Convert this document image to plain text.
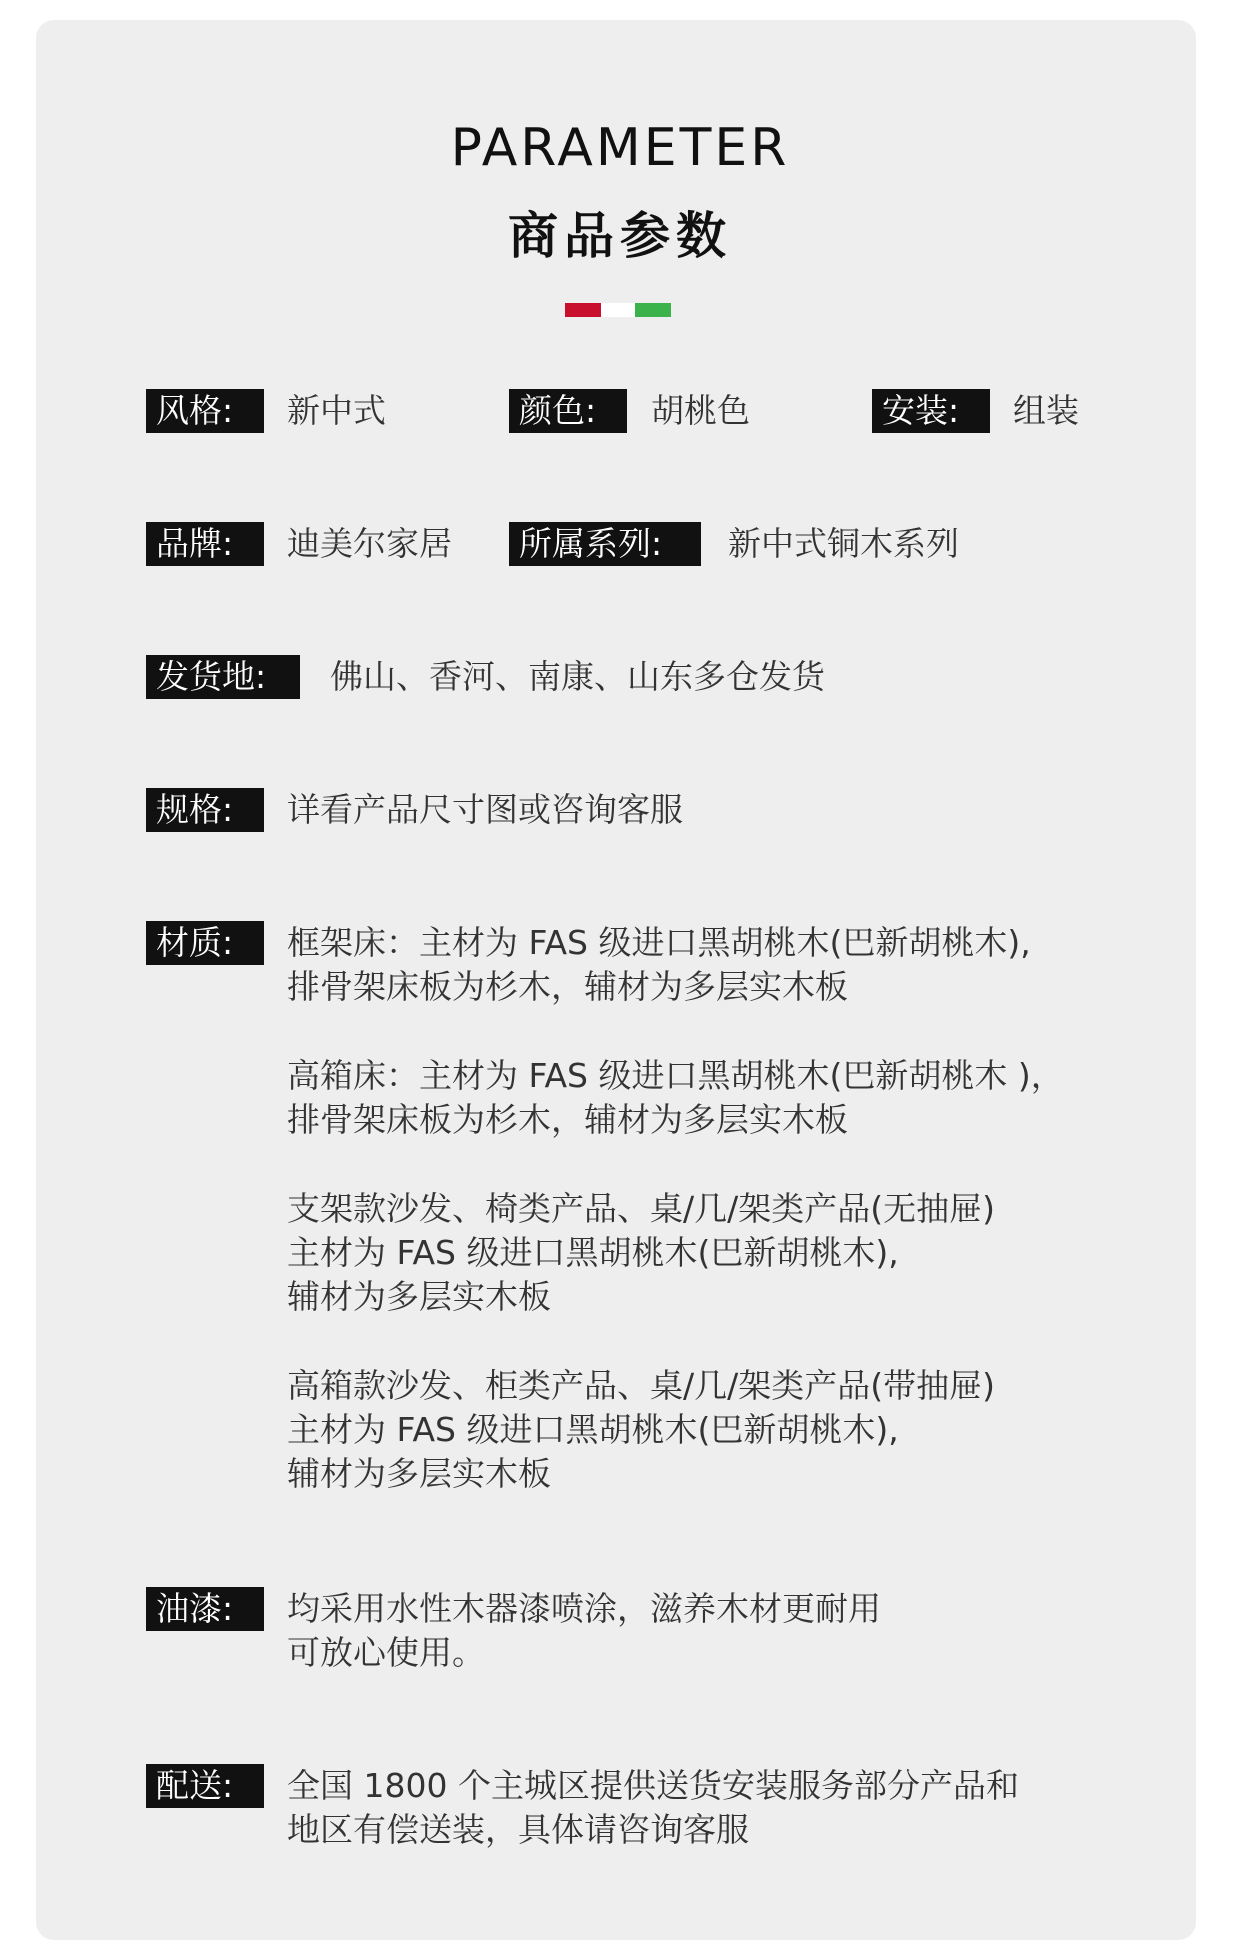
PARAMETER
商品参数
风格:	新中式	颜色:	胡桃色	安装:	组装
品牌:	迪美尔家居	所属系列:	新中式铜木系列
发货地:	佛山、香河、南康、山东多仓发货
规格:	详看产品尺寸图或咨询客服
材质:	框架床：主材为 FAS 级进口黑胡桃木(巴新胡桃木),
排骨架床板为杉木，辅材为多层实木板
高箱床：主材为 FAS 级进口黑胡桃木(巴新胡桃木 )，
排骨架床板为杉木，辅材为多层实木板
支架款沙发、椅类产品、桌/几/架类产品(无抽屉)
主材为 FAS 级进口黑胡桃木(巴新胡桃木),
辅材为多层实木板
高箱款沙发、柜类产品、桌/几/架类产品(带抽屉)
主材为 FAS 级进口黑胡桃木(巴新胡桃木),
辅材为多层实木板
油漆:	均采用水性木器漆喷涂，滋养木材更耐用
可放心使用。
配送:	全国 1800 个主城区提供送货安装服务部分产品和
地区有偿送装，具体请咨询客服
